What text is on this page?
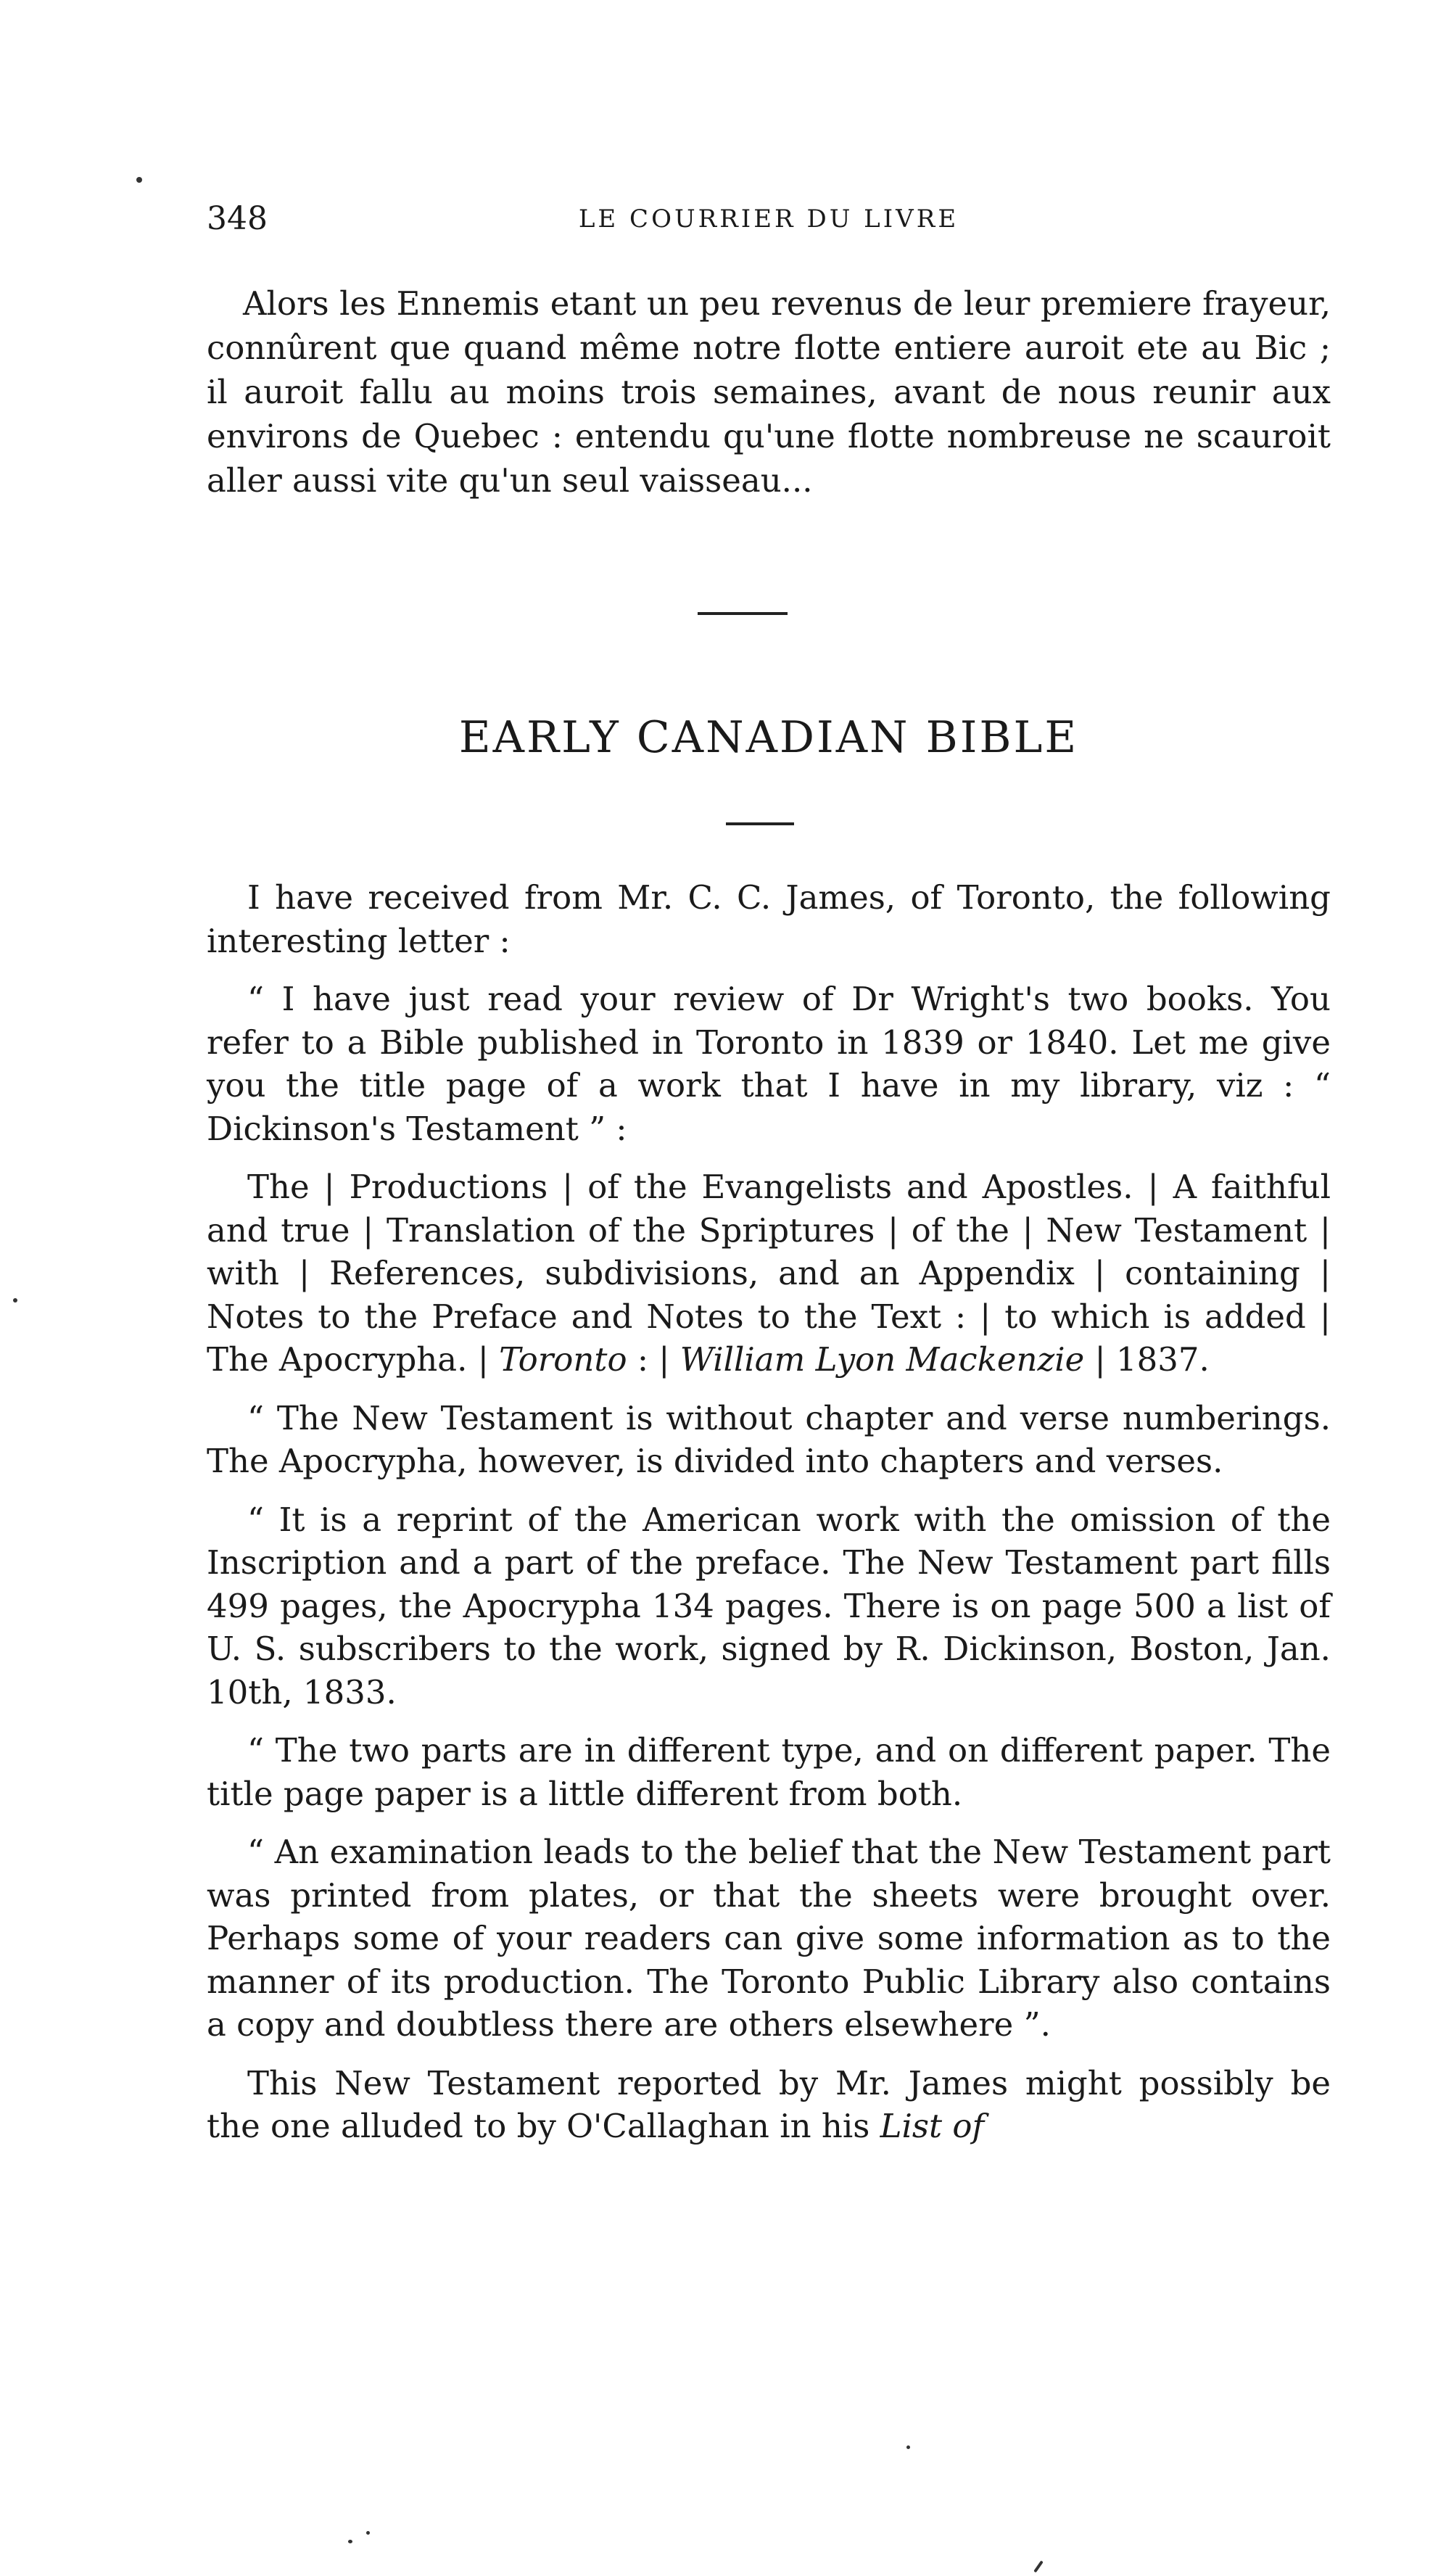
348	LE COURRIER DU LIVRE

Alors les Ennemis etant un peu revenus de leur premiere frayeur, connûrent que quand même notre flotte entiere auroit ete au Bic ; il auroit fallu au moins trois semaines, avant de nous reunir aux environs de Quebec : entendu qu'une flotte nombreuse ne scauroit aller aussi vite qu'un seul vaisseau...

EARLY CANADIAN BIBLE

I have received from Mr. C. C. James, of Toronto, the following interesting letter :

“ I have just read your review of Dr Wright's two books. You refer to a Bible published in Toronto in 1839 or 1840. Let me give you the title page of a work that I have in my library, viz : “ Dickinson's Testament ” :

The | Productions | of the Evangelists and Apostles. | A faithful and true | Translation of the Spriptures | of the | New Testament | with | References, subdivisions, and an Appendix | containing | Notes to the Preface and Notes to the Text : | to which is added | The Apocrypha. | Toronto : | William Lyon Mackenzie | 1837.

“ The New Testament is without chapter and verse numberings. The Apocrypha, however, is divided into chapters and verses.

“ It is a reprint of the American work with the omission of the Inscription and a part of the preface. The New Testament part fills 499 pages, the Apocrypha 134 pages. There is on page 500 a list of U. S. subscribers to the work, signed by R. Dickinson, Boston, Jan. 10th, 1833.

“ The two parts are in different type, and on different paper. The title page paper is a little different from both.

“ An examination leads to the belief that the New Testament part was printed from plates, or that the sheets were brought over. Perhaps some of your readers can give some information as to the manner of its production. The Toronto Public Library also contains a copy and doubtless there are others elsewhere ”.

This New Testament reported by Mr. James might possibly be the one alluded to by O'Callaghan in his List of
